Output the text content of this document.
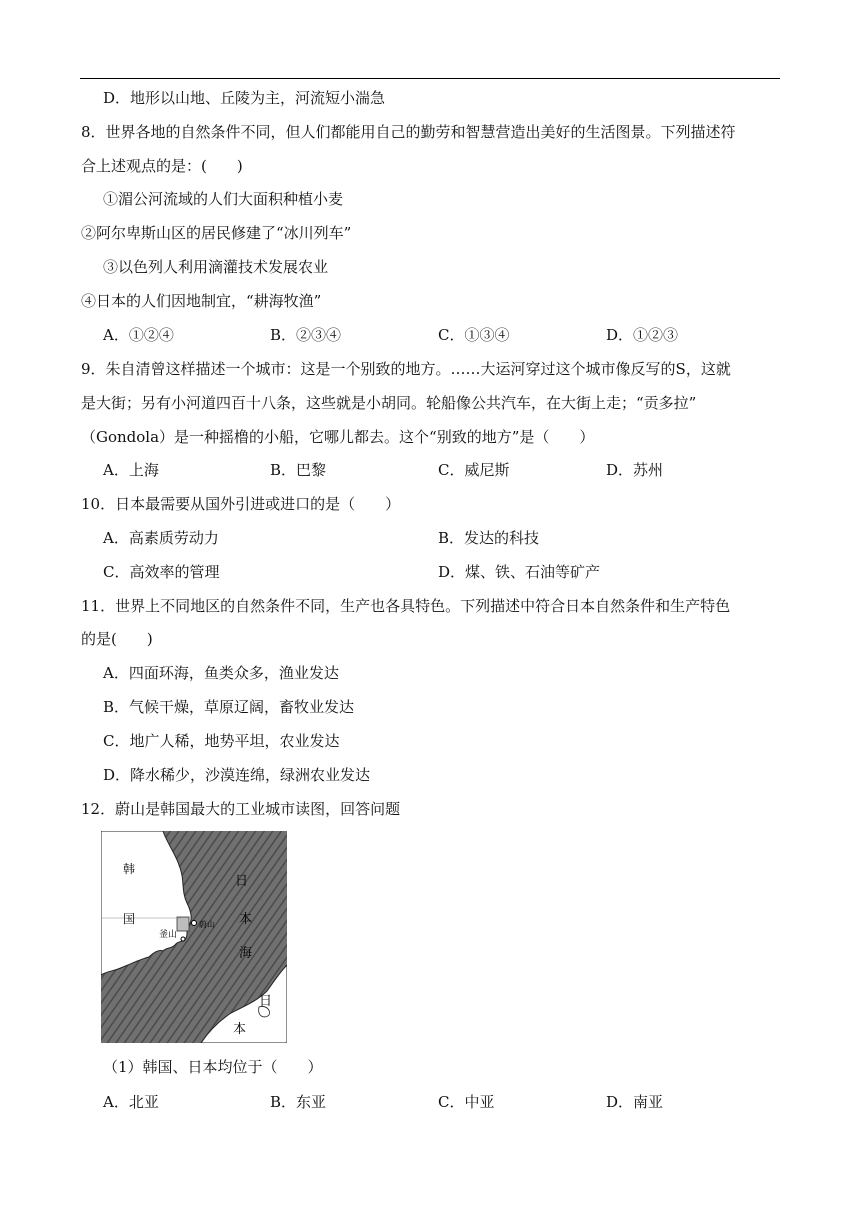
D．地形以山地、丘陵为主，河流短小湍急
8．世界各地的自然条件不同，但人们都能用自己的勤劳和智慧营造出美好的生活图景。下列描述符
合上述观点的是：(　　)
①湄公河流域的人们大面积种植小麦
②阿尔卑斯山区的居民修建了“冰川列车”
③以色列人利用滴灌技术发展农业
④日本的人们因地制宜，“耕海牧渔”
A．①②④	B．②③④	C．①③④	D．①②③
9．朱自清曾这样描述一个城市：这是一个别致的地方。……大运河穿过这个城市像反写的S，这就
是大街；另有小河道四百十八条，这些就是小胡同。轮船像公共汽车，在大街上走；“贡多拉”
（Gondola）是一种摇橹的小船，它哪儿都去。这个“别致的地方”是（　　）
A．上海	B．巴黎	C．威尼斯	D．苏州
10．日本最需要从国外引进或进口的是（　　）
A．高素质劳动力	B．发达的科技
C．高效率的管理	D．煤、铁、石油等矿产
11．世界上不同地区的自然条件不同，生产也各具特色。下列描述中符合日本自然条件和生产特色
的是(　　)
A．四面环海，鱼类众多，渔业发达
B．气候干燥，草原辽阔，畜牧业发达
C．地广人稀，地势平坦，农业发达
D．降水稀少，沙漠连绵，绿洲农业发达
12．蔚山是韩国最大的工业城市读图，回答问题
韩
国
釜山
蔚山
日
本
海
日
本
（1）韩国、日本均位于（　　）
A．北亚	B．东亚	C．中亚	D．南亚
